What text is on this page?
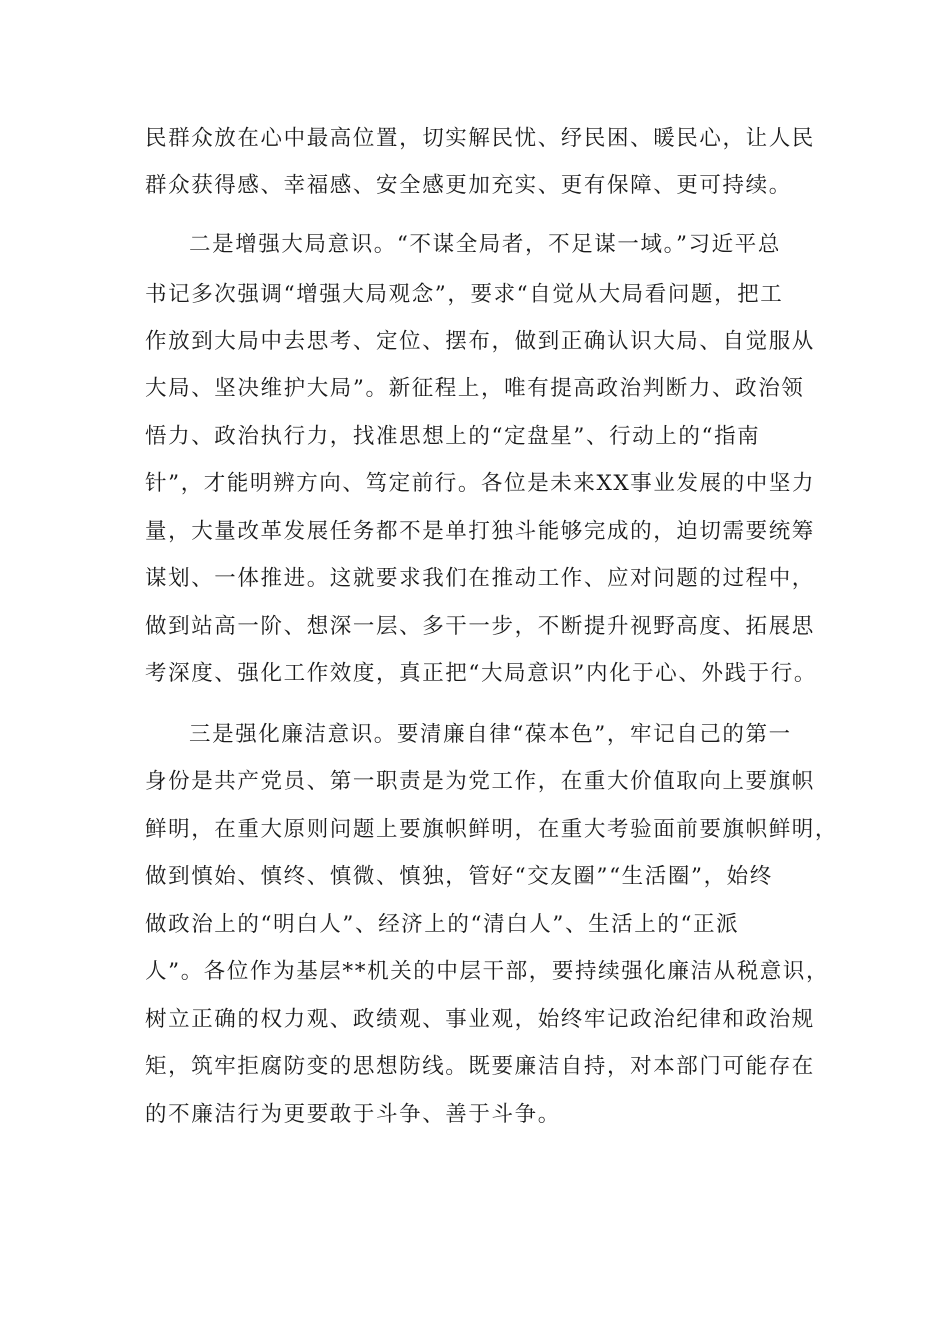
民群众放在心中最高位置，切实解民忧、纾民困、暖民心，让人民
群众获得感、幸福感、安全感更加充实、更有保障、更可持续。
二是增强大局意识。“不谋全局者，不足谋一域。”习近平总
书记多次强调“增强大局观念”，要求“自觉从大局看问题，把工
作放到大局中去思考、定位、摆布，做到正确认识大局、自觉服从
大局、坚决维护大局”。新征程上，唯有提高政治判断力、政治领
悟力、政治执行力，找准思想上的“定盘星”、行动上的“指南
针”，才能明辨方向、笃定前行。各位是未来XX事业发展的中坚力
量，大量改革发展任务都不是单打独斗能够完成的，迫切需要统筹
谋划、一体推进。这就要求我们在推动工作、应对问题的过程中，
做到站高一阶、想深一层、多干一步，不断提升视野高度、拓展思
考深度、强化工作效度，真正把“大局意识”内化于心、外践于行。
三是强化廉洁意识。要清廉自律“葆本色”，牢记自己的第一
身份是共产党员、第一职责是为党工作，在重大价值取向上要旗帜
鲜明，在重大原则问题上要旗帜鲜明，在重大考验面前要旗帜鲜明，
做到慎始、慎终、慎微、慎独，管好“交友圈”“生活圈”，始终
做政治上的“明白人”、经济上的“清白人”、生活上的“正派
人”。各位作为基层**机关的中层干部，要持续强化廉洁从税意识，
树立正确的权力观、政绩观、事业观，始终牢记政治纪律和政治规
矩，筑牢拒腐防变的思想防线。既要廉洁自持，对本部门可能存在
的不廉洁行为更要敢于斗争、善于斗争。
